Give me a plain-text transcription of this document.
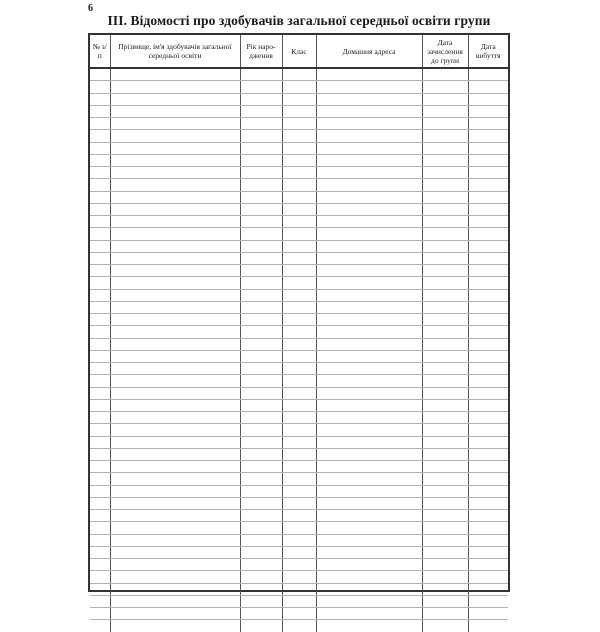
6
ІІІ. Відомості про здобувачів загальної середньої освіти групи
№ з/п	Прізвище, ім'я здобувачів загальної середньої освіти	Рік наро-дження	Клас	Домашня адреса	Дата зачислення до групи	Дата вибуття
